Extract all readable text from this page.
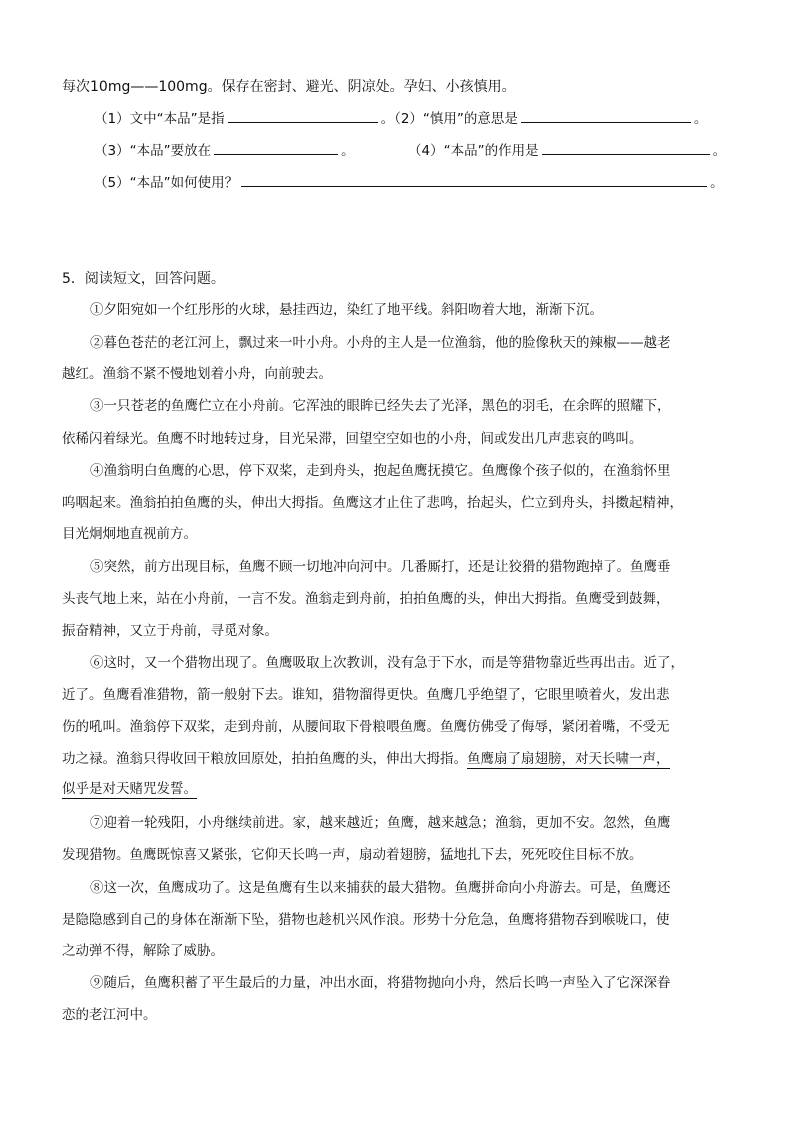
每次10mg——100mg。保存在密封、避光、阴凉处。孕妇、小孩慎用。
（1）文中“本品”是指	。（2）“慎用”的意思是	。
（3）“本品”要放在	。	（4）“本品”的作用是	。
（5）“本品”如何使用？	。
5．阅读短文，回答问题。
①夕阳宛如一个红彤彤的火球，悬挂西边，染红了地平线。斜阳吻着大地，渐渐下沉。
②暮色苍茫的老江河上，飘过来一叶小舟。小舟的主人是一位渔翁，他的脸像秋天的辣椒——越老
越红。渔翁不紧不慢地划着小舟，向前驶去。
③一只苍老的鱼鹰伫立在小舟前。它浑浊的眼眸已经失去了光泽，黑色的羽毛，在余晖的照耀下，
依稀闪着绿光。鱼鹰不时地转过身，目光呆滞，回望空空如也的小舟，间或发出几声悲哀的鸣叫。
④渔翁明白鱼鹰的心思，停下双桨，走到舟头，抱起鱼鹰抚摸它。鱼鹰像个孩子似的，在渔翁怀里
呜咽起来。渔翁拍拍鱼鹰的头，伸出大拇指。鱼鹰这才止住了悲鸣，抬起头，伫立到舟头，抖擞起精神，
目光炯炯地直视前方。
⑤突然，前方出现目标，鱼鹰不顾一切地冲向河中。几番厮打，还是让狡猾的猎物跑掉了。鱼鹰垂
头丧气地上来，站在小舟前，一言不发。渔翁走到舟前，拍拍鱼鹰的头，伸出大拇指。鱼鹰受到鼓舞，
振奋精神，又立于舟前，寻觅对象。
⑥这时，又一个猎物出现了。鱼鹰吸取上次教训，没有急于下水，而是等猎物靠近些再出击。近了，
近了。鱼鹰看准猎物，箭一般射下去。谁知，猎物溜得更快。鱼鹰几乎绝望了，它眼里喷着火，发出悲
伤的吼叫。渔翁停下双桨，走到舟前，从腰间取下骨粮喂鱼鹰。鱼鹰仿佛受了侮辱，紧闭着嘴，不受无
功之禄。渔翁只得收回干粮放回原处，拍拍鱼鹰的头，伸出大拇指。鱼鹰扇了扇翅膀，对天长啸一声，
似乎是对天赌咒发誓。
⑦迎着一轮残阳，小舟继续前进。家，越来越近；鱼鹰，越来越急；渔翁，更加不安。忽然，鱼鹰
发现猎物。鱼鹰既惊喜又紧张，它仰天长鸣一声，扇动着翅膀，猛地扎下去，死死咬住目标不放。
⑧这一次，鱼鹰成功了。这是鱼鹰有生以来捕获的最大猎物。鱼鹰拼命向小舟游去。可是，鱼鹰还
是隐隐感到自己的身体在渐渐下坠，猎物也趁机兴风作浪。形势十分危急，鱼鹰将猎物吞到喉咙口，使
之动弹不得，解除了威胁。
⑨随后，鱼鹰积蓄了平生最后的力量，冲出水面，将猎物抛向小舟，然后长鸣一声坠入了它深深眷
恋的老江河中。
